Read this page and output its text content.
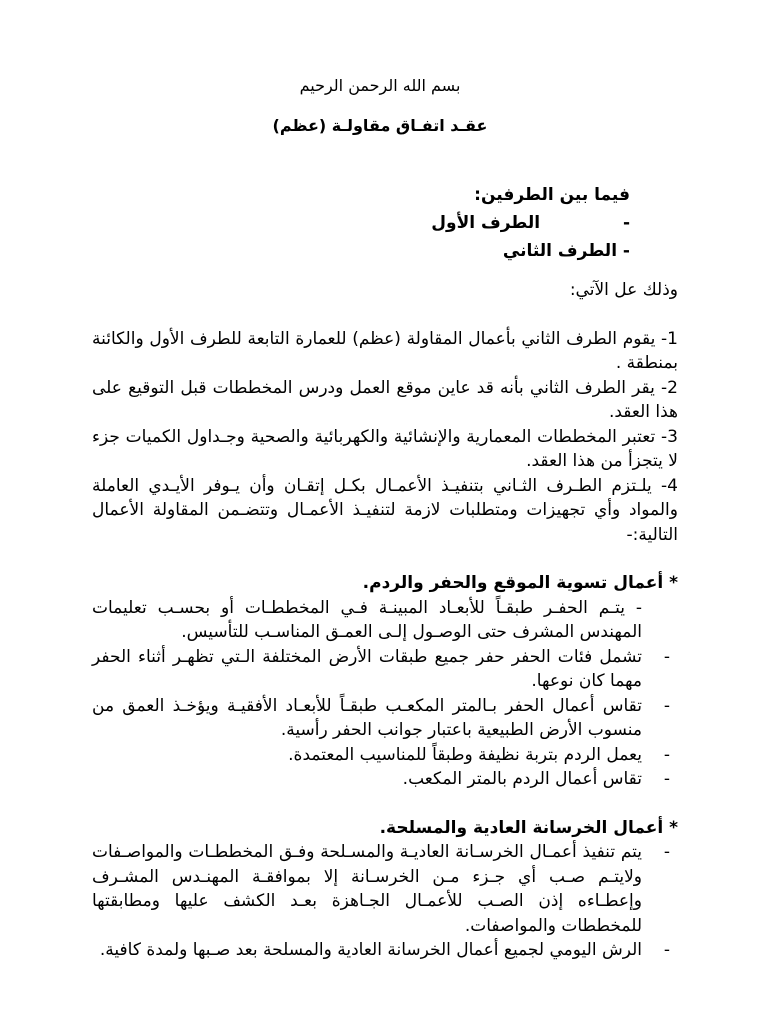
بسم الله الرحمن الرحيم
عقـد اتفـاق مقاولـة (عظم)
فيما بين الطرفين:
-              الطرف الأول
- الطرف الثاني

وذلك عل الآتي:

1- يقوم الطرف الثاني بأعمال المقاولة (عظم) للعمارة التابعة للطرف الأول والكائنة بمنطقة .

2- يقر الطرف الثاني بأنه قد عاين موقع العمل ودرس المخططات قبل التوقيع على هذا العقد.

3- تعتبر المخططات المعمارية والإنشائية والكهربائية والصحية وجـداول الكميات جزء لا يتجزأ من هذا العقد.

4- يلـتزم الطـرف الثـاني بتنفيـذ الأعمـال بكـل إتقـان وأن يـوفر الأيـدي العاملة والمواد وأي تجهيزات ومتطلبات لازمة لتنفيـذ الأعمـال وتتضـمن المقاولة الأعمال التالية:-

* أعمال تسوية الموقع والحفر والردم.

- يتـم الحفـر طبقـاً للأبعـاد المبينـة فـي المخططـات أو بحسـب تعليمات المهندس المشرف حتى الوصـول إلـى العمـق المناسـب للتأسيس.

- تشمل فئات الحفر حفر جميع طبقات الأرض المختلفة الـتي تظهـر أثناء الحفر مهما كان نوعها.
- تقاس أعمال الحفر بـالمتر المكعـب طبقـاً للأبعـاد الأفقيـة ويؤخـذ العمق من منسوب الأرض الطبيعية باعتبار جوانب الحفر رأسية.
- يعمل الردم بتربة نظيفة وطبقاً للمناسيب المعتمدة.
- تقاس أعمال الردم بالمتر المكعب.

* أعمال الخرسانة العادية والمسلحة.

- يتم تنفيذ أعمـال الخرسـانة العاديـة والمسـلحة وفـق المخططـات والمواصـفات ولايتـم صـب أي جـزء مـن الخرسـانة إلا بموافقـة المهنـدس المشـرف وإعطـاءه إذن الصـب للأعمـال الجـاهزة بعـد الكشف عليها ومطابقتها للمخططات والمواصفات.
- الرش اليومي لجميع أعمال الخرسانة العادية والمسلحة بعد صـبها ولمدة كافية.
